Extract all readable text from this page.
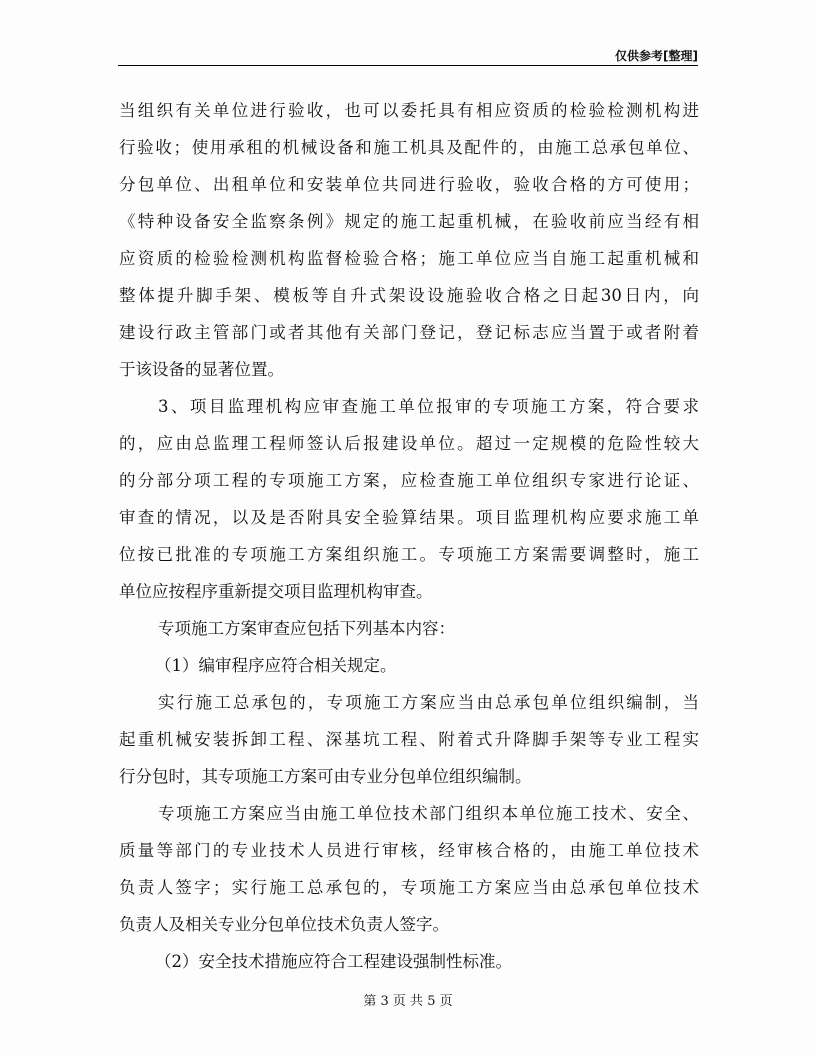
仅供参考[整理]
当组织有关单位进行验收，也可以委托具有相应资质的检验检测机构进
行验收；使用承租的机械设备和施工机具及配件的，由施工总承包单位、
分包单位、出租单位和安装单位共同进行验收，验收合格的方可使用；
《特种设备安全监察条例》规定的施工起重机械，在验收前应当经有相
应资质的检验检测机构监督检验合格；施工单位应当自施工起重机械和
整体提升脚手架、模板等自升式架设设施验收合格之日起30日内，向
建设行政主管部门或者其他有关部门登记，登记标志应当置于或者附着
于该设备的显著位置。
3、项目监理机构应审查施工单位报审的专项施工方案，符合要求
的，应由总监理工程师签认后报建设单位。超过一定规模的危险性较大
的分部分项工程的专项施工方案，应检查施工单位组织专家进行论证、
审查的情况，以及是否附具安全验算结果。项目监理机构应要求施工单
位按已批准的专项施工方案组织施工。专项施工方案需要调整时，施工
单位应按程序重新提交项目监理机构审查。
专项施工方案审查应包括下列基本内容：
（1）编审程序应符合相关规定。
实行施工总承包的，专项施工方案应当由总承包单位组织编制，当
起重机械安装拆卸工程、深基坑工程、附着式升降脚手架等专业工程实
行分包时，其专项施工方案可由专业分包单位组织编制。
专项施工方案应当由施工单位技术部门组织本单位施工技术、安全、
质量等部门的专业技术人员进行审核，经审核合格的，由施工单位技术
负责人签字；实行施工总承包的，专项施工方案应当由总承包单位技术
负责人及相关专业分包单位技术负责人签字。
（2）安全技术措施应符合工程建设强制性标准。
第 3 页 共 5 页
